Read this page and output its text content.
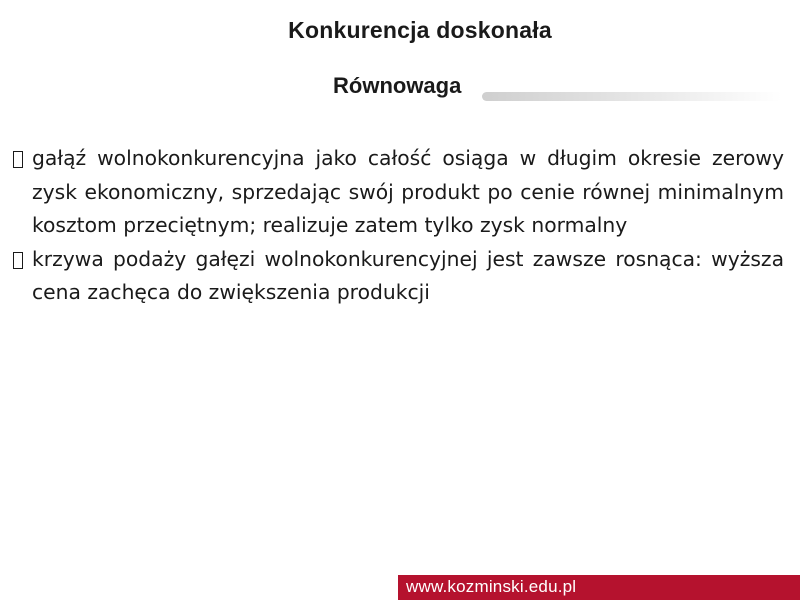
Konkurencja doskonała
Równowaga
gałąź wolnokonkurencyjna jako całość osiąga w długim okresie zerowy zysk ekonomiczny, sprzedając swój produkt po cenie równej minimalnym kosztom przeciętnym; realizuje zatem tylko zysk normalny
krzywa podaży gałęzi wolnokonkurencyjnej jest zawsze rosnąca: wyższa cena zachęca do zwiększenia produkcji
www.kozminski.edu.pl
